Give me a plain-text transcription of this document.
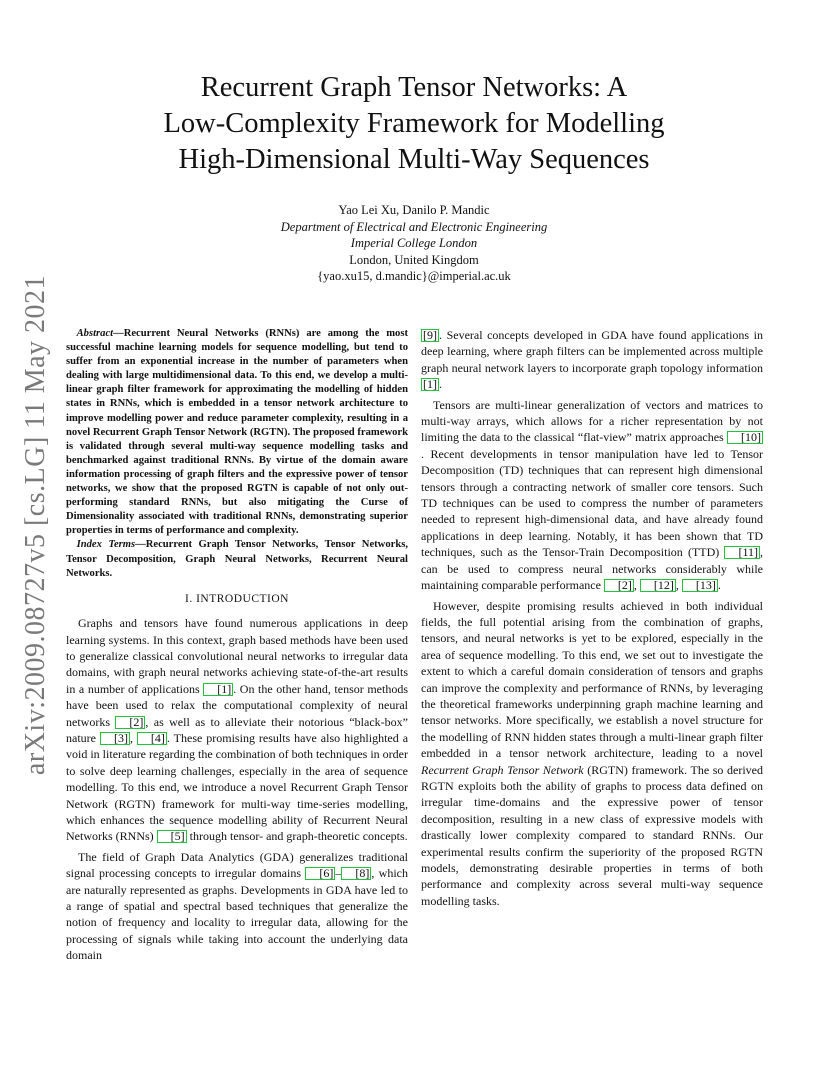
arXiv:2009.08727v5 [cs.LG] 11 May 2021
Recurrent Graph Tensor Networks: A
Low-Complexity Framework for Modelling
High-Dimensional Multi-Way Sequences
Yao Lei Xu, Danilo P. Mandic
Department of Electrical and Electronic Engineering
Imperial College London
London, United Kingdom
{yao.xu15, d.mandic}@imperial.ac.uk

Abstract—Recurrent Neural Networks (RNNs) are among the most successful machine learning models for sequence modelling, but tend to suffer from an exponential increase in the number of parameters when dealing with large multidimensional data. To this end, we develop a multi-linear graph filter framework for approximating the modelling of hidden states in RNNs, which is embedded in a tensor network architecture to improve modelling power and reduce parameter complexity, resulting in a novel Recurrent Graph Tensor Network (RGTN). The proposed framework is validated through several multi-way sequence modelling tasks and benchmarked against traditional RNNs. By virtue of the domain aware information processing of graph filters and the expressive power of tensor networks, we show that the proposed RGTN is capable of not only out-performing standard RNNs, but also mitigating the Curse of Dimensionality associated with traditional RNNs, demonstrating superior properties in terms of performance and complexity.

Index Terms—Recurrent Graph Tensor Networks, Tensor Networks, Tensor Decomposition, Graph Neural Networks, Recurrent Neural Networks.

I. INTRODUCTION

Graphs and tensors have found numerous applications in deep learning systems. In this context, graph based methods have been used to generalize classical convolutional neural networks to irregular data domains, with graph neural networks achieving state-of-the-art results in a number of applications [1] . On the other hand, tensor methods have been used to relax the computational complexity of neural networks [2] , as well as to alleviate their notorious “black-box” nature [3] , [4] . These promising results have also highlighted a void in literature regarding the combination of both techniques in order to solve deep learning challenges, especially in the area of sequence modelling. To this end, we introduce a novel Recurrent Graph Tensor Network (RGTN) framework for multi-way time-series modelling, which enhances the sequence modelling ability of Recurrent Neural Networks (RNNs) [5] through tensor- and graph-theoretic concepts.

The field of Graph Data Analytics (GDA) generalizes traditional signal processing concepts to irregular domains [6] – [8] , which are naturally represented as graphs. Developments in GDA have led to a range of spatial and spectral based techniques that generalize the notion of frequency and locality to irregular data, allowing for the processing of signals while taking into account the underlying data domain

[9] . Several concepts developed in GDA have found applications in deep learning, where graph filters can be implemented across multiple graph neural network layers to incorporate graph topology information [1] .

Tensors are multi-linear generalization of vectors and matrices to multi-way arrays, which allows for a richer representation by not limiting the data to the classical “flat-view” matrix approaches [10]. Recent developments in tensor manipulation have led to Tensor Decomposition (TD) techniques that can represent high dimensional tensors through a contracting network of smaller core tensors. Such TD techniques can be used to compress the number of parameters needed to represent high-dimensional data, and have already found applications in deep learning. Notably, it has been shown that TD techniques, such as the Tensor-Train Decomposition (TTD) [11] , can be used to compress neural networks considerably while maintaining comparable performance [2] , [12] , [13] .

However, despite promising results achieved in both individual fields, the full potential arising from the combination of graphs, tensors, and neural networks is yet to be explored, especially in the area of sequence modelling. To this end, we set out to investigate the extent to which a careful domain consideration of tensors and graphs can improve the complexity and performance of RNNs, by leveraging the theoretical frameworks underpinning graph machine learning and tensor networks. More specifically, we establish a novel structure for the modelling of RNN hidden states through a multi-linear graph filter embedded in a tensor network architecture, leading to a novel Recurrent Graph Tensor Network (RGTN) framework. The so derived RGTN exploits both the ability of graphs to process data defined on irregular time-domains and the expressive power of tensor decomposition, resulting in a new class of expressive models with drastically lower complexity compared to standard RNNs. Our experimental results confirm the superiority of the proposed RGTN models, demonstrating desirable properties in terms of both performance and complexity across several multi-way sequence modelling tasks.
